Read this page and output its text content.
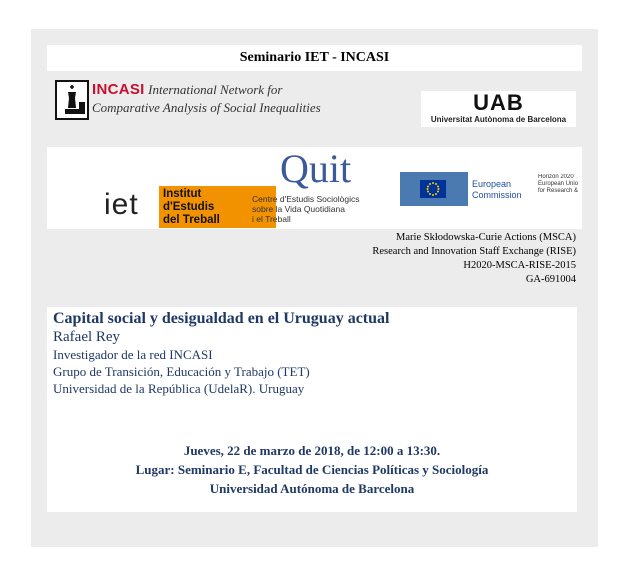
Seminario IET - INCASI
INCASI International Network for
Comparative Analysis of Social Inequalities	UAB
Universitat Autònoma de Barcelona
iet Institut
d'Estudis
del Treball
Quit
Centre d'Estudis Sociològics
sobre la Vida Quotidiana
i el Treball
European
Commission
Horizon 2020
European Unio
for Research &
Marie Skłodowska-Curie Actions (MSCA)
Research and Innovation Staff Exchange (RISE)
H2020-MSCA-RISE-2015
GA-691004
Capital social y desigualdad en el Uruguay actual
Rafael Rey
Investigador de la red INCASI
Grupo de Transición, Educación y Trabajo (TET)
Universidad de la República (UdelaR). Uruguay
Jueves, 22 de marzo de 2018, de 12:00 a 13:30.
Lugar: Seminario E, Facultad de Ciencias Políticas y Sociología
Universidad Autónoma de Barcelona
